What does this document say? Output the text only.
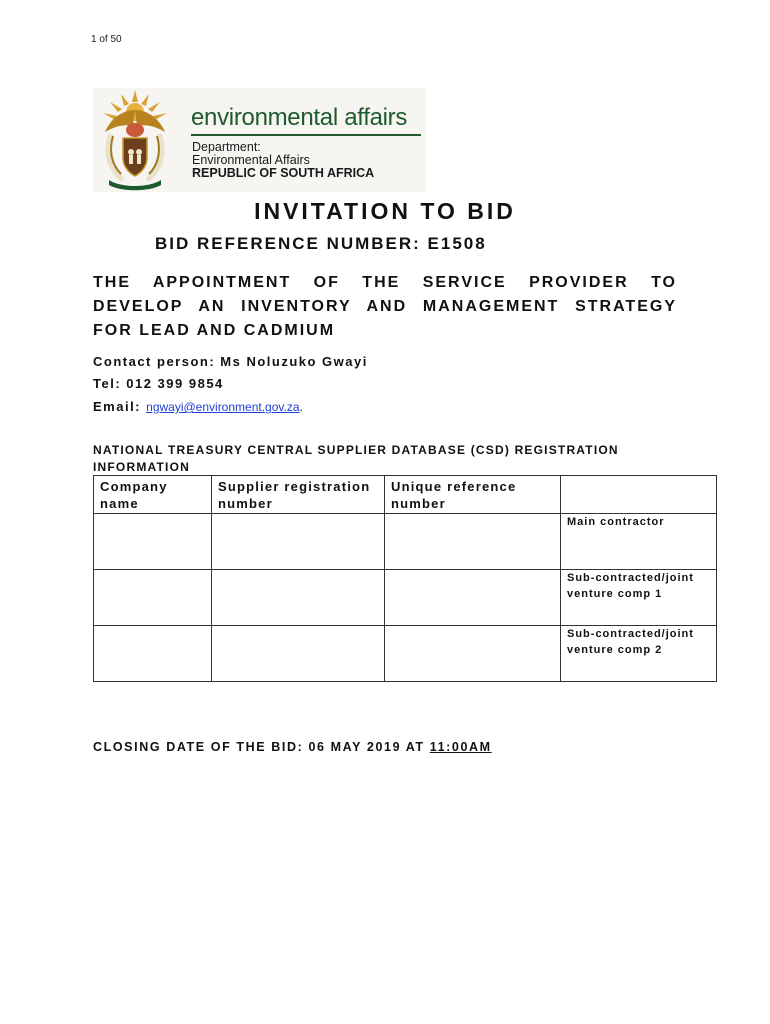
1 of 50
environmental affairs
Department:
Environmental Affairs
REPUBLIC OF SOUTH AFRICA
INVITATION TO BID
BID REFERENCE NUMBER: E1508
THE APPOINTMENT OF THE SERVICE PROVIDER TO
DEVELOP AN INVENTORY AND MANAGEMENT STRATEGY
FOR LEAD AND CADMIUM
Contact person: Ms Noluzuko Gwayi
Tel: 012 399 9854
Email: ngwayi@environment.gov.za.
NATIONAL TREASURY CENTRAL SUPPLIER DATABASE (CSD) REGISTRATION
INFORMATION
Company name	Supplier registration number	Unique reference number	

			Main contractor

			Sub-contracted/joint venture comp 1

			Sub-contracted/joint venture comp 2
CLOSING DATE OF THE BID: 06 MAY 2019 AT 11:00AM
